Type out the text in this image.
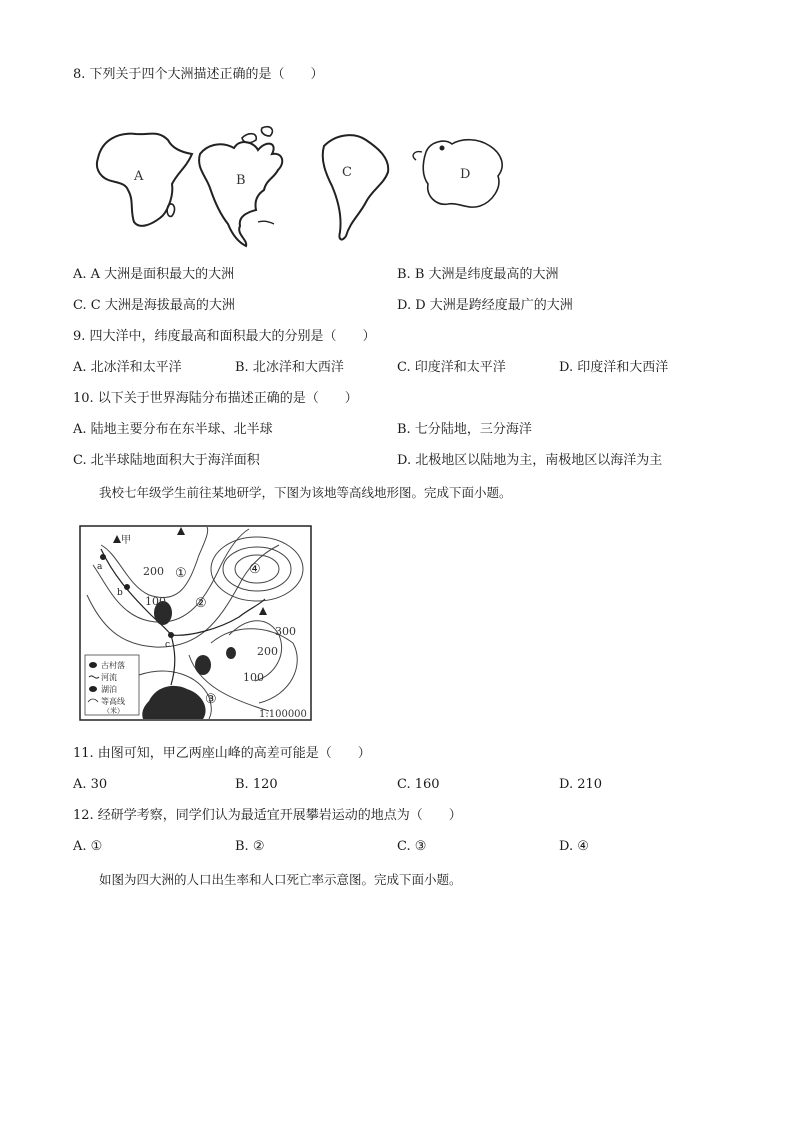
8. 下列关于四个大洲描述正确的是（　　）
A	B
C	D
A. A 大洲是面积最大的大洲	B. B 大洲是纬度最高的大洲
C. C 大洲是海拔最高的大洲	D. D 大洲是跨经度最广的大洲
9. 四大洋中，纬度最高和面积最大的分别是（　　）
A. 北冰洋和太平洋	B. 北冰洋和大西洋	C. 印度洋和太平洋	D. 印度洋和大西洋
10. 以下关于世界海陆分布描述正确的是（　　）
A. 陆地主要分布在东半球、北半球	B. 七分陆地，三分海洋
C. 北半球陆地面积大于海洋面积	D. 北极地区以陆地为主，南极地区以海洋为主
我校七年级学生前往某地研学，下图为该地等高线地形图。完成下面小题。
甲
200
100
300
200
100
①
②
③
④
a
b
c
古村落
河流
湖泊
等高线
（米）	1:100000
11. 由图可知，甲乙两座山峰的高差可能是（　　）
A. 30	B. 120	C. 160	D. 210
12. 经研学考察，同学们认为最适宜开展攀岩运动的地点为（　　）
A. ①	B. ②	C. ③	D. ④
如图为四大洲的人口出生率和人口死亡率示意图。完成下面小题。
